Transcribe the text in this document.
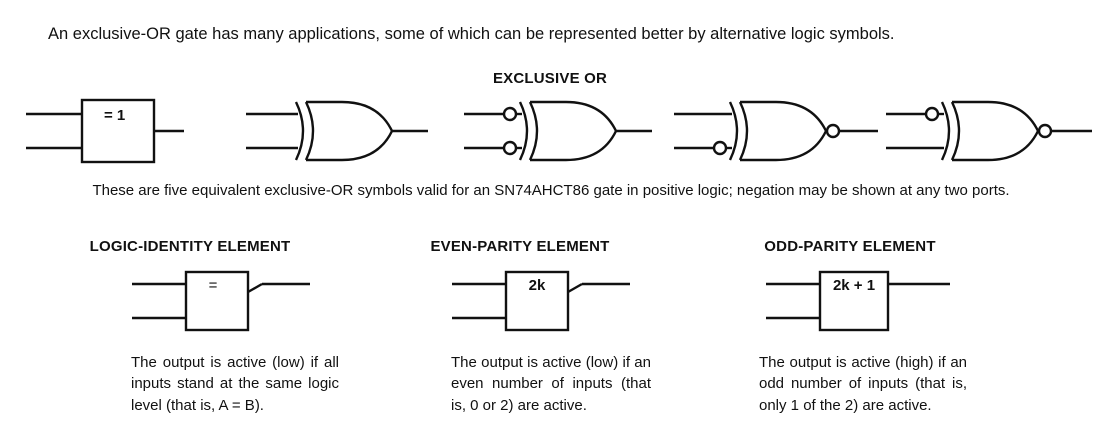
An exclusive-OR gate has many applications, some of which can be represented better by alternative logic symbols.

EXCLUSIVE OR
= 1
These are five equivalent exclusive-OR symbols valid for an SN74AHCT86 gate in positive logic; negation may be shown at any two ports.
LOGIC-IDENTITY ELEMENT
=
The output is active (low) if all inputs stand at the same logic level (that is, A = B).
EVEN-PARITY ELEMENT
2k
The output is active (low) if an even number of inputs (that is, 0 or 2) are active.
ODD-PARITY ELEMENT
2k + 1
The output is active (high) if an odd number of inputs (that is, only 1 of the 2) are active.
